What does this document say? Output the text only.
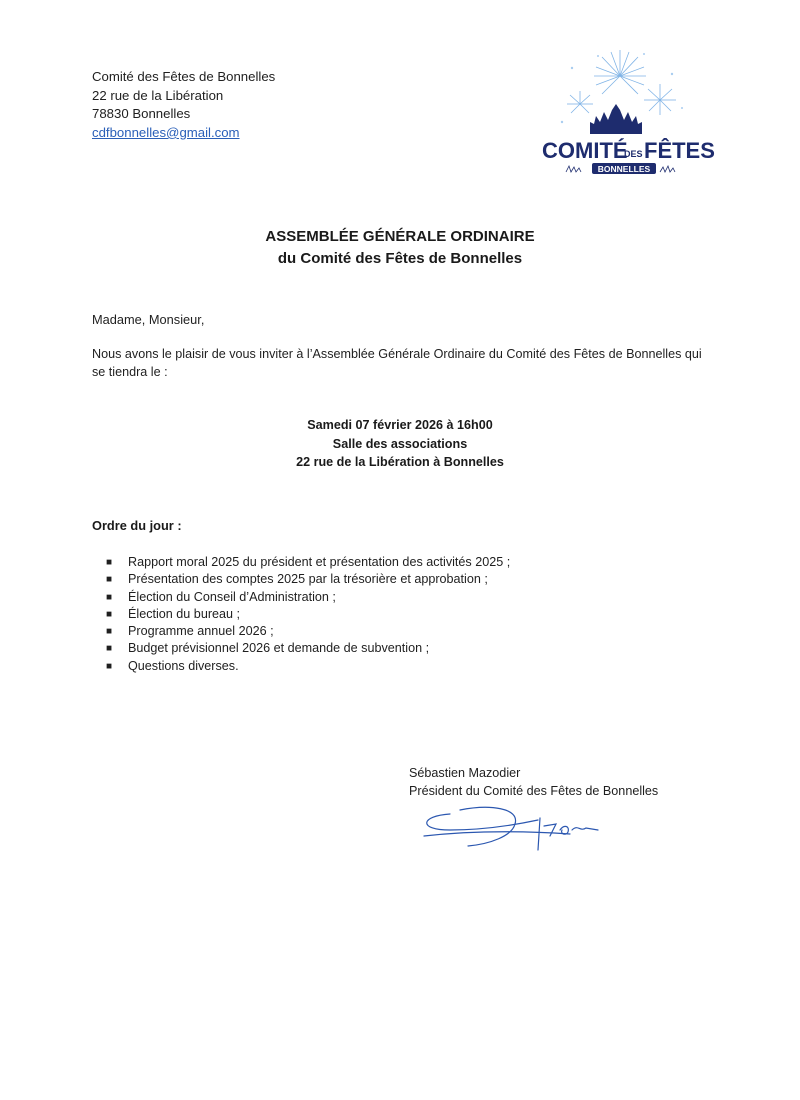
Comité des Fêtes de Bonnelles
22 rue de la Libération
78830 Bonnelles
cdfbonnelles@gmail.com
COMITÉ
DES FÊTES
BONNELLES
ASSEMBLÉE GÉNÉRALE ORDINAIRE
du Comité des Fêtes de Bonnelles
Madame, Monsieur,
Nous avons le plaisir de vous inviter à l’Assemblée Générale Ordinaire du Comité des Fêtes de Bonnelles qui se tiendra le :
Samedi 07 février 2026 à 16h00
Salle des associations
22 rue de la Libération à Bonnelles
Ordre du jour :
■ Rapport moral 2025 du président et présentation des activités 2025 ;
■ Présentation des comptes 2025 par la trésorière et approbation ;
■ Élection du Conseil d’Administration ;
■ Élection du bureau ;
■ Programme annuel 2026 ;
■ Budget prévisionnel 2026 et demande de subvention ;
■ Questions diverses.
Sébastien Mazodier
Président du Comité des Fêtes de Bonnelles
